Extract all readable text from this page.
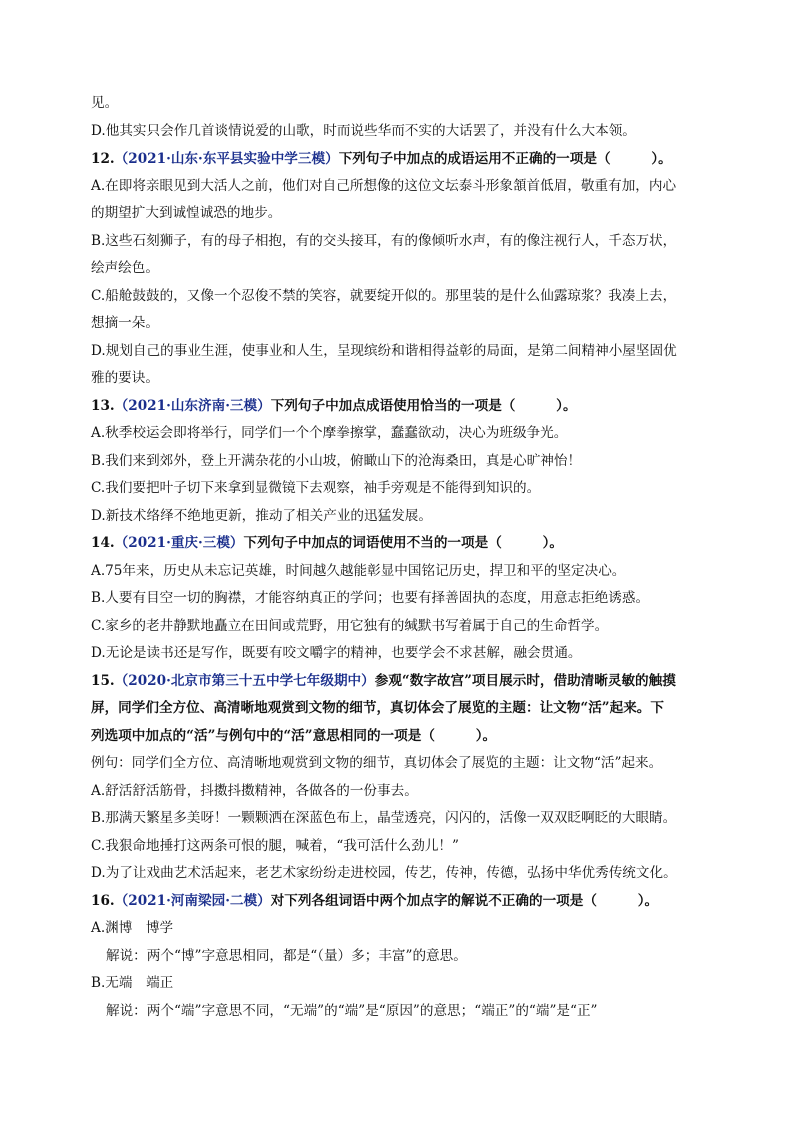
见。
D.他其实只会作几首谈情说爱的山歌，时而说些华而不实的大话罢了，并没有什么大本领。
12.（2021·山东·东平县实验中学三模）下列句子中加点的成语运用不正确的一项是（　　　）。
A.在即将亲眼见到大活人之前，他们对自己所想像的这位文坛泰斗形象頷首低眉，敬重有加，内心
的期望扩大到诚惶诚恐的地步。
B.这些石刻狮子，有的母子相抱，有的交头接耳，有的像倾听水声，有的像注视行人，千态万状，
绘声绘色。
C.船舱鼓鼓的，又像一个忍俊不禁的笑容，就要绽开似的。那里装的是什么仙露琼浆？我凑上去，
想摘一朵。
D.规划自己的事业生涯，使事业和人生，呈现缤纷和谐相得益彰的局面，是第二间精神小屋坚固优
雅的要诀。
13.（2021·山东济南·三模）下列句子中加点成语使用恰当的一项是（　　　）。
A.秋季校运会即将举行，同学们一个个摩拳擦掌，蠢蠢欲动，决心为班级争光。
B.我们来到郊外，登上开满杂花的小山坡，俯瞰山下的沧海桑田，真是心旷神怡！
C.我们要把叶子切下来拿到显微镜下去观察，袖手旁观是不能得到知识的。
D.新技术络绎不绝地更新，推动了相关产业的迅猛发展。
14.（2021·重庆·三模）下列句子中加点的词语使用不当的一项是（　　　）。
A.75年来，历史从未忘记英雄，时间越久越能彰显中国铭记历史，捍卫和平的坚定决心。
B.人要有目空一切的胸襟，才能容纳真正的学问；也要有择善固执的态度，用意志拒绝诱惑。
C.家乡的老井静默地矗立在田间或荒野，用它独有的缄默书写着属于自己的生命哲学。
D.无论是读书还是写作，既要有咬文嚼字的精神，也要学会不求甚解，融会贯通。
15.（2020·北京市第三十五中学七年级期中）参观“数字故宫”项目展示时，借助清晰灵敏的触摸
屏，同学们全方位、高清晰地观赏到文物的细节，真切体会了展览的主题：让文物“活”起来。下
列选项中加点的“活”与例句中的“活”意思相同的一项是（　　　）。
例句：同学们全方位、高清晰地观赏到文物的细节，真切体会了展览的主题：让文物“活”起来。
A.舒活舒活筋骨，抖擞抖擞精神，各做各的一份事去。
B.那满天繁星多美呀！一颗颗洒在深蓝色布上，晶莹透亮，闪闪的，活像一双双眨啊眨的大眼睛。
C.我狠命地捶打这两条可恨的腿，喊着，“我可活什么劲儿！”
D.为了让戏曲艺术活起来，老艺术家纷纷走进校园，传艺，传神，传德，弘扬中华优秀传统文化。
16.（2021·河南梁园·二模）对下列各组词语中两个加点字的解说不正确的一项是（　　　）。
A.渊博　博学
解说：两个“博”字意思相同，都是“（量）多；丰富”的意思。
B.无端　端正
解说：两个“端”字意思不同，“无端”的“端”是“原因”的意思；“端正”的“端”是“正”
